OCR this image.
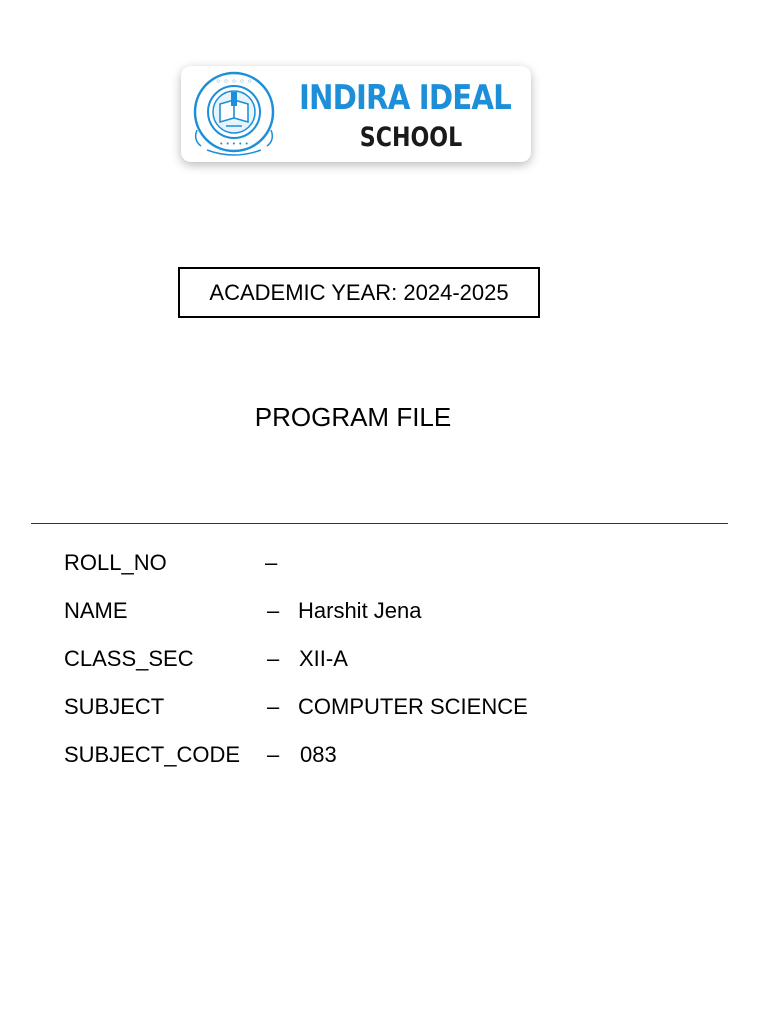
◦ ◦ ◦ ◦ ◦
• • • • •
INDIRA IDEAL
SCHOOL
ACADEMIC YEAR: 2024-2025
PROGRAM FILE
ROLL_NO	–
NAME	– Harshit Jena
CLASS_SEC	– XII-A
SUBJECT	– COMPUTER SCIENCE
SUBJECT_CODE – 083
